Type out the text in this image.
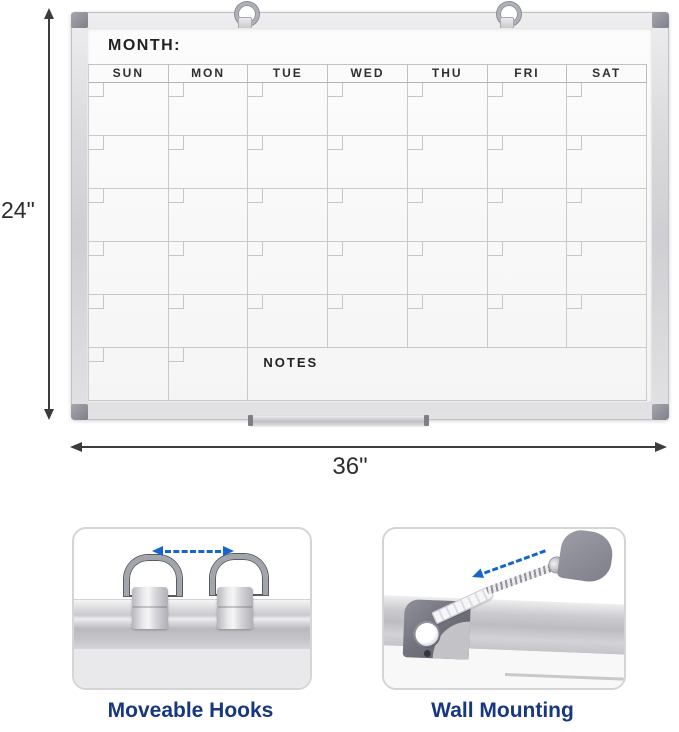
24"
MONTH:
SUN	MON	TUE	WED	THU	FRI	SAT
NOTES
36"
Moveable Hooks	Wall Mounting
